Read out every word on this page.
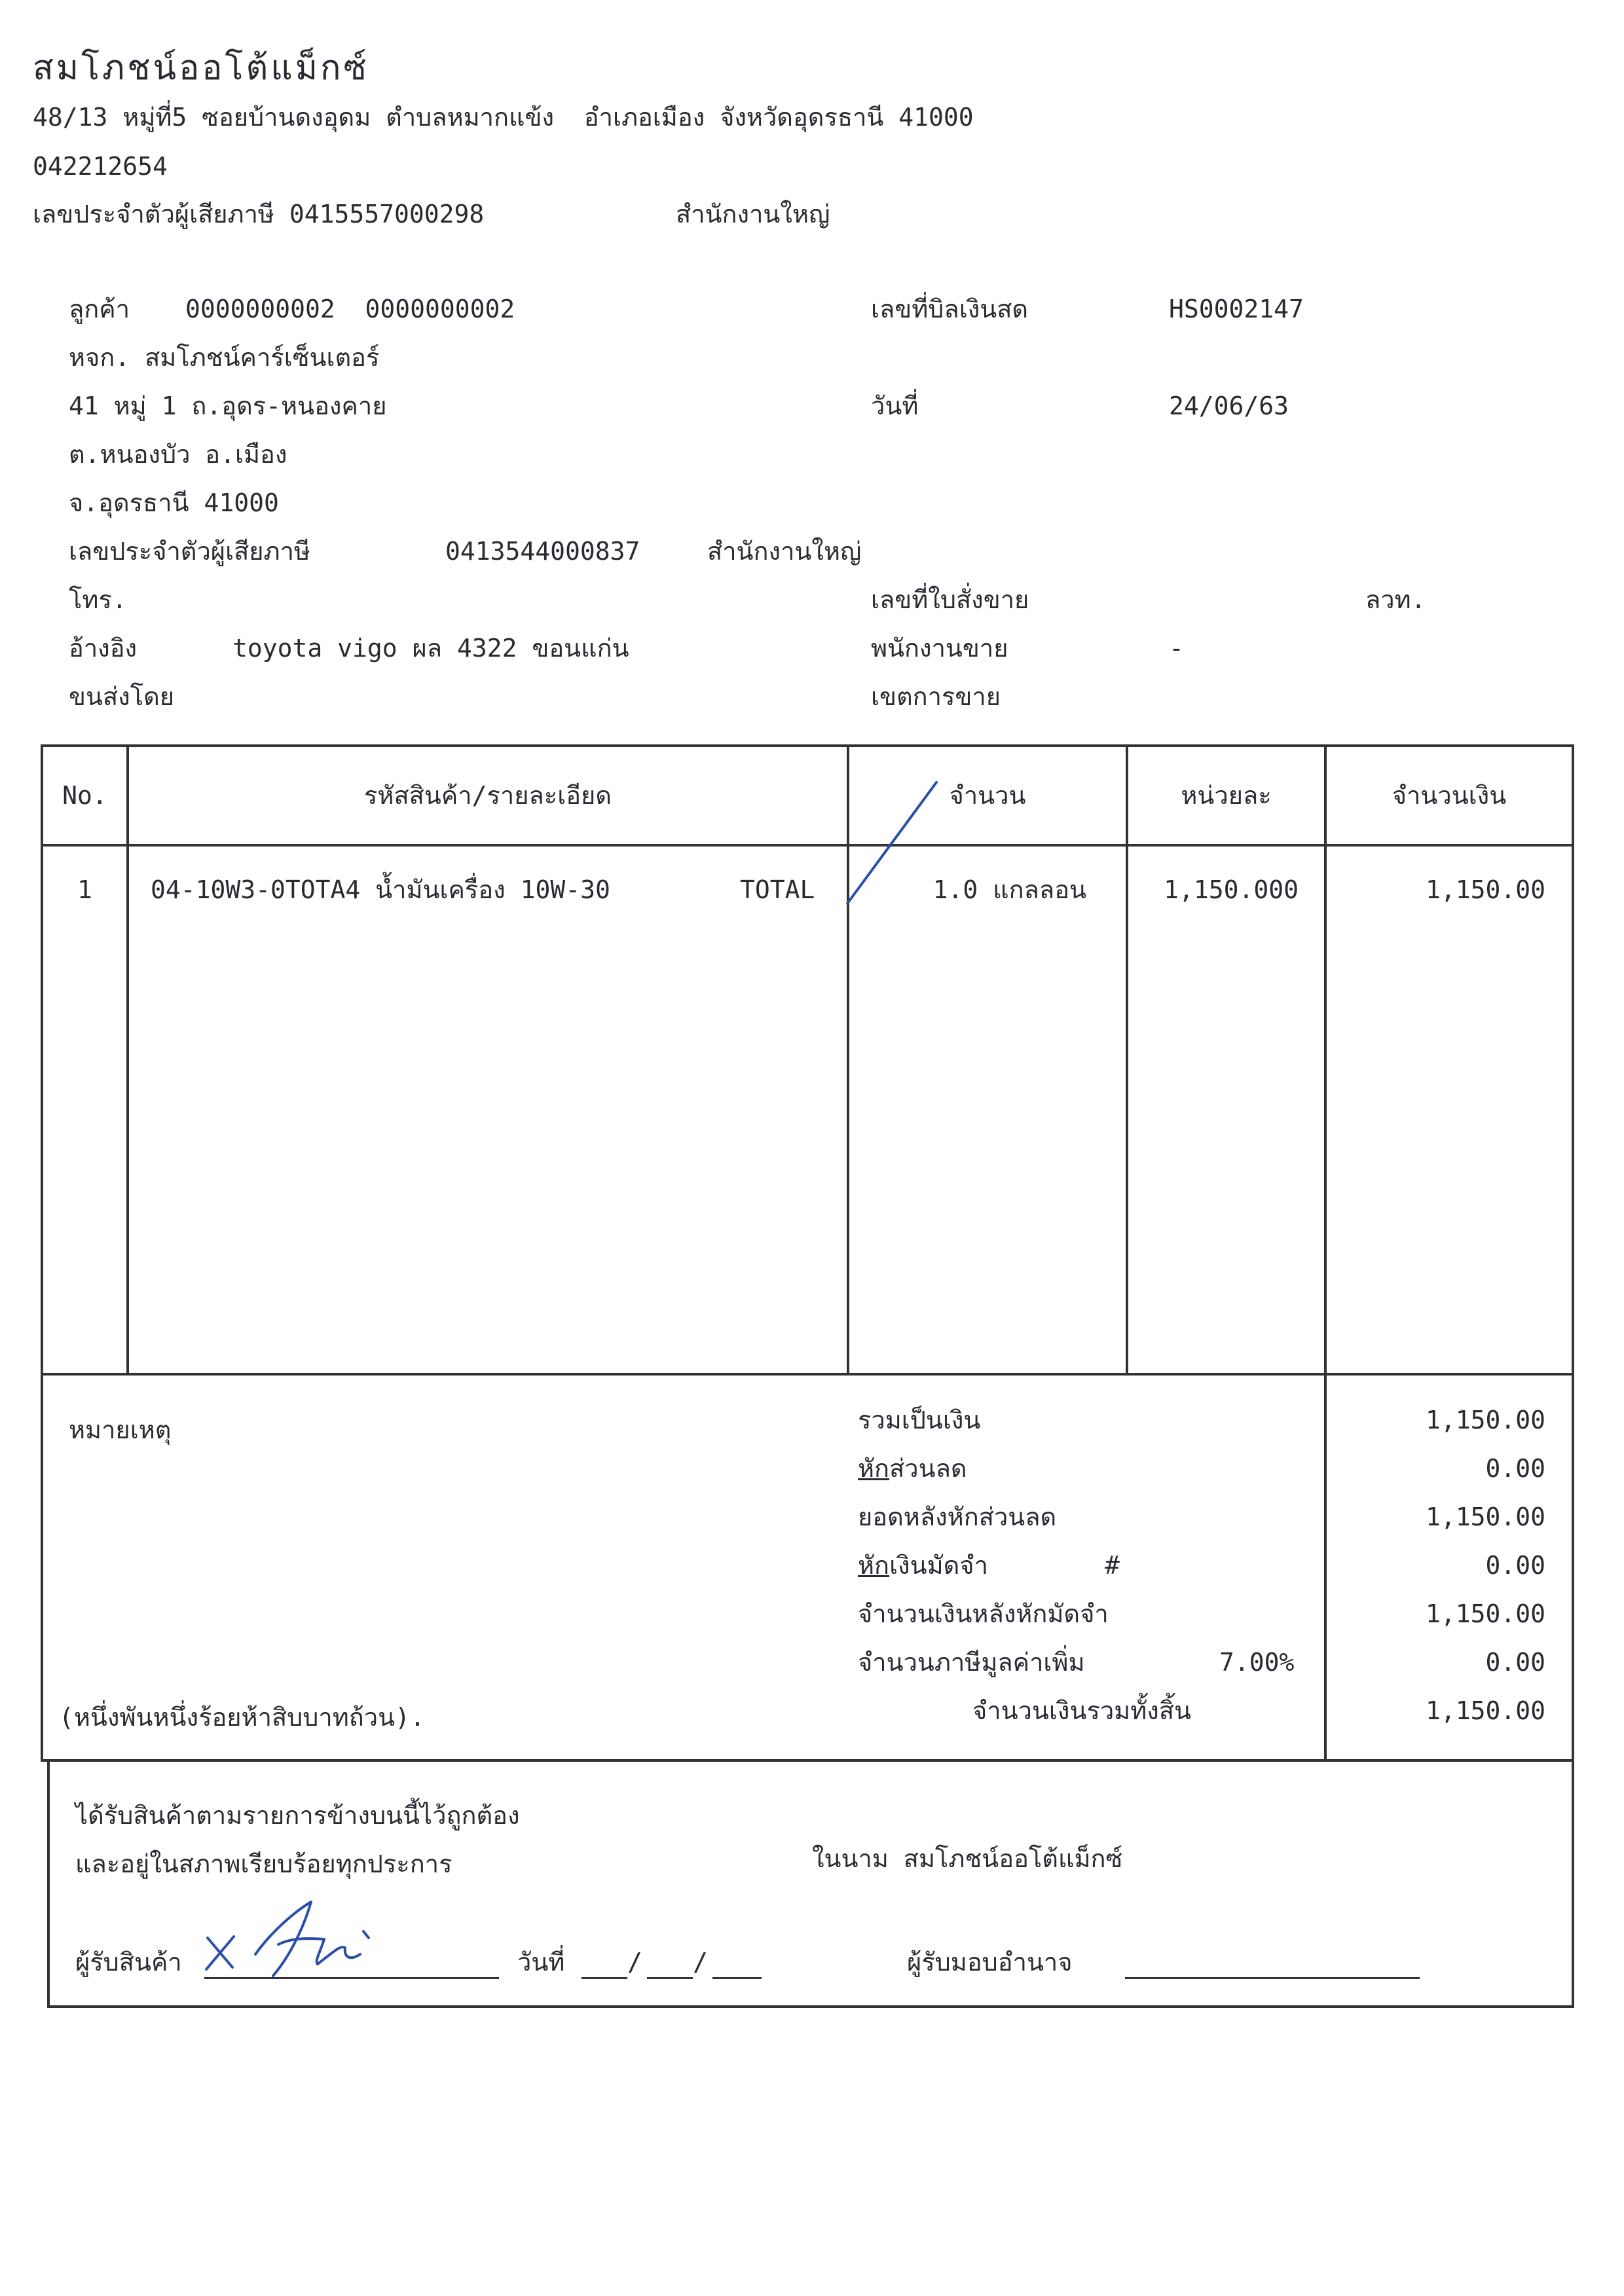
สมโภชน์ออโต้แม็กซ์
48/13 หมู่ที่5 ซอยบ้านดงอุดม ตำบลหมากแข้ง  อำเภอเมือง จังหวัดอุดรธานี 41000
042212654
เลขประจำตัวผู้เสียภาษี 0415557000298	สำนักงานใหญ่
ลูกค้า 0000000002  0000000002
หจก. สมโภชน์คาร์เซ็นเตอร์
41 หมู่ 1 ถ.อุดร-หนองคาย
ต.หนองบัว อ.เมือง
จ.อุดรธานี 41000
เลขประจำตัวผู้เสียภาษี	0413544000837	สำนักงานใหญ่
โทร.
อ้างอิง	toyota vigo ผล 4322 ขอนแก่น
ขนส่งโดย
เลขที่บิลเงินสด	HS0002147
วันที่	24/06/63
เลขที่ใบสั่งขาย	ลวท.
พนักงานขาย	-
เขตการขาย
No.	รหัสสินค้า/รายละเอียด	จำนวน	หน่วยละ	จำนวนเงิน
1	04-10W3-0TOTA4 น้ำมันเครื่อง 10W-30	TOTAL	1.0 แกลลอน	1,150.000	1,150.00
หมายเหตุ
(หนึ่งพันหนึ่งร้อยห้าสิบบาทถ้วน).
รวมเป็นเงิน	1,150.00
หักส่วนลด	0.00
ยอดหลังหักส่วนลด	1,150.00
หักเงินมัดจำ	#	0.00
จำนวนเงินหลังหักมัดจำ	1,150.00
จำนวนภาษีมูลค่าเพิ่ม	7.00%	0.00
จำนวนเงินรวมทั้งสิ้น	1,150.00
ได้รับสินค้าตามรายการข้างบนนี้ไว้ถูกต้อง
และอยู่ในสภาพเรียบร้อยทุกประการ	ในนาม สมโภชน์ออโต้แม็กซ์
ผู้รับสินค้า	วันที่	/ /	ผู้รับมอบอำนาจ
